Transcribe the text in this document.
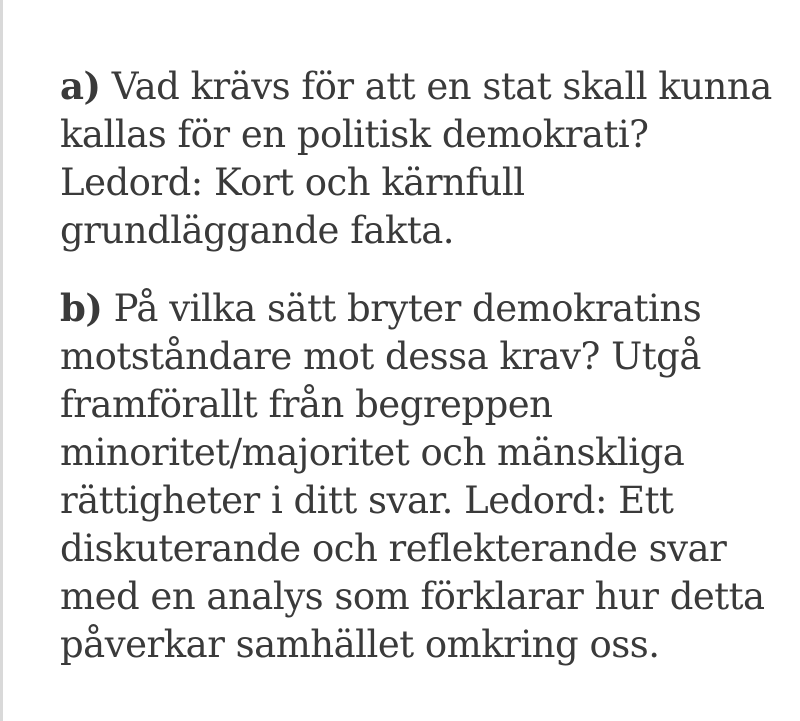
a) Vad krävs för att en stat skall kunna
kallas för en politisk demokrati?
Ledord: Kort och kärnfull
grundläggande fakta.

b) På vilka sätt bryter demokratins
motståndare mot dessa krav? Utgå
framförallt från begreppen
minoritet/majoritet och mänskliga
rättigheter i ditt svar. Ledord: Ett
diskuterande och reflekterande svar
med en analys som förklarar hur detta
påverkar samhället omkring oss.
